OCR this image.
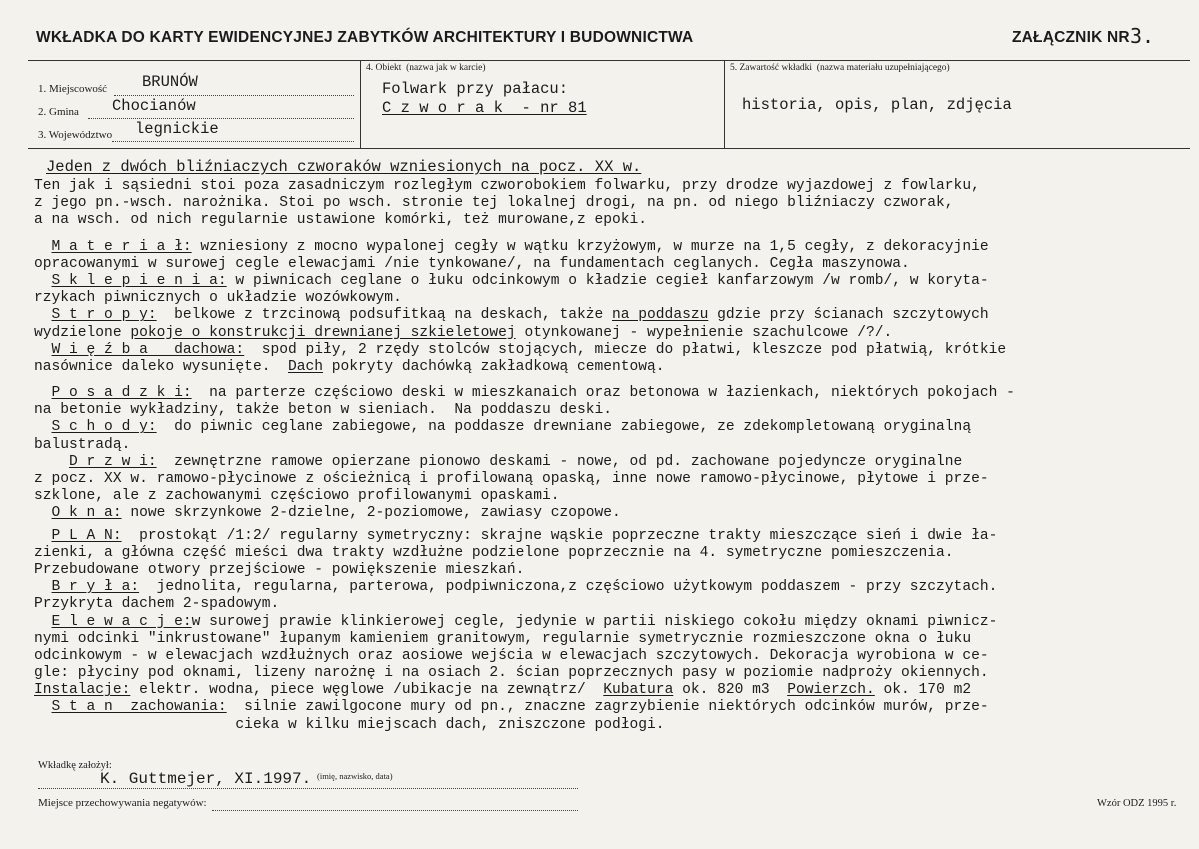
WKŁADKA DO KARTY EWIDENCYJNEJ ZABYTKÓW ARCHITEKTURY I BUDOWNICTWA	ZAŁĄCZNIK NR 3.
1. Miejscowość BRUNÓW
2. Gmina Chocianów
3. Województwo legnickie
4. Obiekt  (nazwa jak w karcie)
Folwark przy pałacu:
C z w o r a k  - nr 81
5. Zawartość wkładki  (nazwa materiału uzupełniającego)
historia, opis, plan, zdjęcia
Jeden z dwóch bliźniaczych czworaków wzniesionych na pocz. XX w.
Ten jak i sąsiedni stoi poza zasadniczym rozległym czworobokiem folwarku, przy drodze wyjazdowej z fowlarku,
z jego pn.-wsch. narożnika. Stoi po wsch. stronie tej lokalnej drogi, na pn. od niego bliźniaczy czworak,
a na wsch. od nich regularnie ustawione komórki, też murowane,z epoki.
M a t e r i a ł: wzniesiony z mocno wypalonej cegły w wątku krzyżowym, w murze na 1,5 cegły, z dekoracyjnie
opracowanymi w surowej cegle elewacjami /nie tynkowane/, na fundamentach ceglanych. Cegła maszynowa.
S k l e p i e n i a: w piwnicach ceglane o łuku odcinkowym o kładzie cegieł kanfarzowym /w romb/, w koryta-
rzykach piwnicznych o układzie wozówkowym.
S t r o p y:  belkowe z trzcinową podsufitkaą na deskach, także na poddaszu gdzie przy ścianach szczytowych
wydzielone pokoje o konstrukcji drewnianej szkieletowej otynkowanej - wypełnienie szachulcowe /?/.
W i ę ź b a   dachowa:  spod piły, 2 rzędy stolców stojących, miecze do płatwi, kleszcze pod płatwią, krótkie
nasównice daleko wysunięte.  Dach pokryty dachówką zakładkową cementową.
P o s a d z k i:  na parterze częściowo deski w mieszkanaich oraz betonowa w łazienkach, niektórych pokojach -
na betonie wykładziny, także beton w sieniach.  Na poddaszu deski.
S c h o d y:  do piwnic ceglane zabiegowe, na poddasze drewniane zabiegowe, ze zdekompletowaną oryginalną
balustradą.
D r z w i:  zewnętrzne ramowe opierzane pionowo deskami - nowe, od pd. zachowane pojedyncze oryginalne
z pocz. XX w. ramowo-płycinowe z ościeżnicą i profilowaną opaską, inne nowe ramowo-płycinowe, płytowe i prze-
szklone, ale z zachowanymi częściowo profilowanymi opaskami.
O k n a: nowe skrzynkowe 2-dzielne, 2-poziomowe, zawiasy czopowe.
P L A N:  prostokąt /1:2/ regularny symetryczny: skrajne wąskie poprzeczne trakty mieszczące sień i dwie ła-
zienki, a główna część mieści dwa trakty wzdłużne podzielone poprzecznie na 4. symetryczne pomieszczenia.
Przebudowane otwory przejściowe - powiększenie mieszkań.
B r y ł a:  jednolita, regularna, parterowa, podpiwniczona,z częściowo użytkowym poddaszem - przy szczytach.
Przykryta dachem 2-spadowym.
E l e w a c j e:w surowej prawie klinkierowej cegle, jedynie w partii niskiego cokołu między oknami piwnicz-
nymi odcinki "inkrustowane" łupanym kamieniem granitowym, regularnie symetrycznie rozmieszczone okna o łuku
odcinkowym - w elewacjach wzdłużnych oraz aosiowe wejścia w elewacjach szczytowych. Dekoracja wyrobiona w ce-
gle: płyciny pod oknami, lizeny narożnę i na osiach 2. ścian poprzecznych pasy w poziomie nadproży okiennych.
Instalacje: elektr. wodna, piece węglowe /ubikacje na zewnątrz/  Kubatura ok. 820 m3  Powierzch. ok. 170 m2
S t a n  zachowania:  silnie zawilgocone mury od pn., znaczne zagrzybienie niektórych odcinków murów, prze-
cieka w kilku miejscach dach, zniszczone podłogi.
Wkładkę założył:
K. Guttmejer, XI.1997. (imię, nazwisko, data)
Miejsce przechowywania negatywów:	Wzór ODZ 1995 r.
